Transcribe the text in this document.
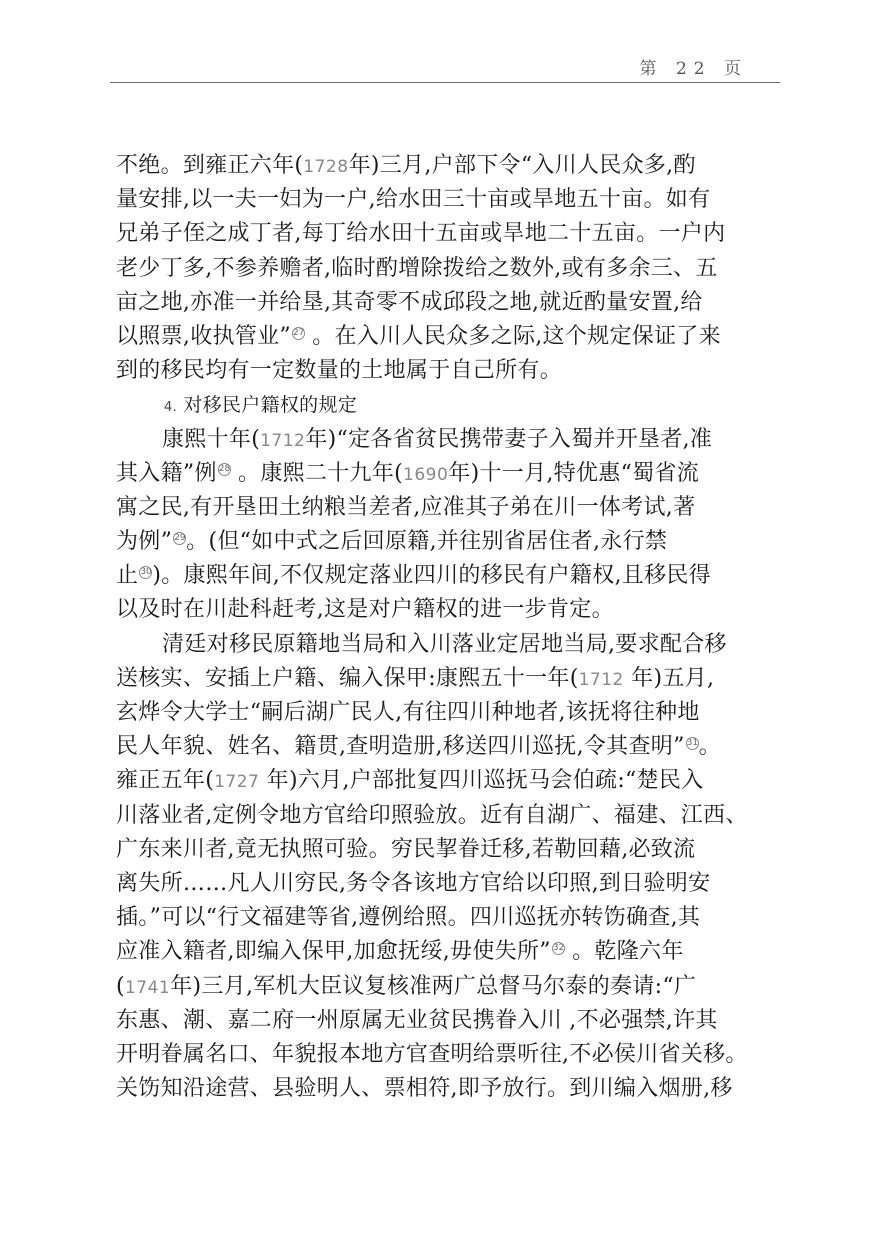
第 22 页
不绝。到雍正六年(1728年)三月,户部下令“入川人民众多,酌
量安排,以一夫一妇为一户,给水田三十亩或旱地五十亩。如有
兄弟子侄之成丁者,每丁给水田十五亩或旱地二十五亩。一户内
老少丁多,不参养赡者,临时酌增除拨给之数外,或有多余三、五
亩之地,亦准一并给垦,其奇零不成邱段之地,就近酌量安置,给
以照票,收执管业” 27 。在入川人民众多之际,这个规定保证了来
到的移民均有一定数量的土地属于自己所有。
4. 对移民户籍权的规定
康熙十年(1712年)“定各省贫民携带妻子入蜀并开垦者,准
其入籍”例 28 。康熙二十九年(1690年)十一月,特优惠“蜀省流
寓之民,有开垦田土纳粮当差者,应准其子弟在川一体考试,著
为例” 29。(但“如中式之后回原籍,并往别省居住者,永行禁
止 30)。康熙年间,不仅规定落业四川的移民有户籍权,且移民得
以及时在川赴科赶考,这是对户籍权的进一步肯定。
清廷对移民原籍地当局和入川落业定居地当局,要求配合移
送核实、安插上户籍、编入保甲:康熙五十一年(1712 年)五月,
玄烨令大学士“嗣后湖广民人,有往四川种地者,该抚将往种地
民人年貌、姓名、籍贯,查明造册,移送四川巡抚,令其查明” 31。
雍正五年(1727 年)六月,户部批复四川巡抚马会伯疏:“楚民入
川落业者,定例令地方官给印照验放。近有自湖广、福建、江西、
广东来川者,竟无执照可验。穷民挈眷迁移,若勒回藉,必致流
离失所……凡人川穷民,务令各该地方官给以印照,到日验明安
插。”可以“行文福建等省,遵例给照。四川巡抚亦转饬确查,其
应准入籍者,即编入保甲,加愈抚绥,毋使失所” 32 。乾隆六年
(1741年)三月,军机大臣议复核准两广总督马尔泰的奏请:“广
东惠、潮、嘉二府一州原属无业贫民携眷入川 ,不必强禁,许其
开明眷属名口、年貌报本地方官查明给票听往,不必侯川省关移。
关饬知沿途营、县验明人、票相符,即予放行。到川编入烟册,移
